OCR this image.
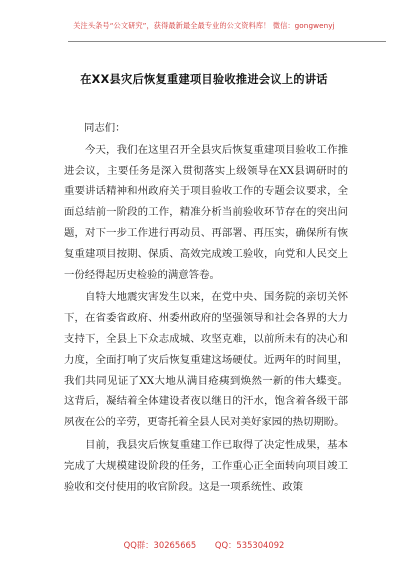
关注头条号“公文研究”，获得最新最全最专业的公文资料库！ 微信：gongwenyj
在XX县灾后恢复重建项目验收推进会议上的讲话

同志们：

今天，我们在这里召开全县灾后恢复重建项目验收工作推进会议，主要任务是深入贯彻落实上级领导在XX县调研时的重要讲话精神和州政府关于项目验收工作的专题会议要求，全面总结前一阶段的工作，精准分析当前验收环节存在的突出问题，对下一步工作进行再动员、再部署、再压实，确保所有恢复重建项目按期、保质、高效完成竣工验收，向党和人民交上一份经得起历史检验的满意答卷。

自特大地震灾害发生以来，在党中央、国务院的亲切关怀下，在省委省政府、州委州政府的坚强领导和社会各界的大力支持下，全县上下众志成城、攻坚克难，以前所未有的决心和力度，全面打响了灾后恢复重建这场硬仗。近两年的时间里，我们共同见证了XX大地从满目疮痍到焕然一新的伟大蝶变。这背后，凝结着全体建设者夜以继日的汗水，饱含着各级干部夙夜在公的辛劳，更寄托着全县人民对美好家园的热切期盼。

目前，我县灾后恢复重建工作已取得了决定性成果，基本完成了大规模建设阶段的任务，工作重心正全面转向项目竣工验收和交付使用的收官阶段。这是一项系统性、政策

QQ群：30265665 QQ：535304092
